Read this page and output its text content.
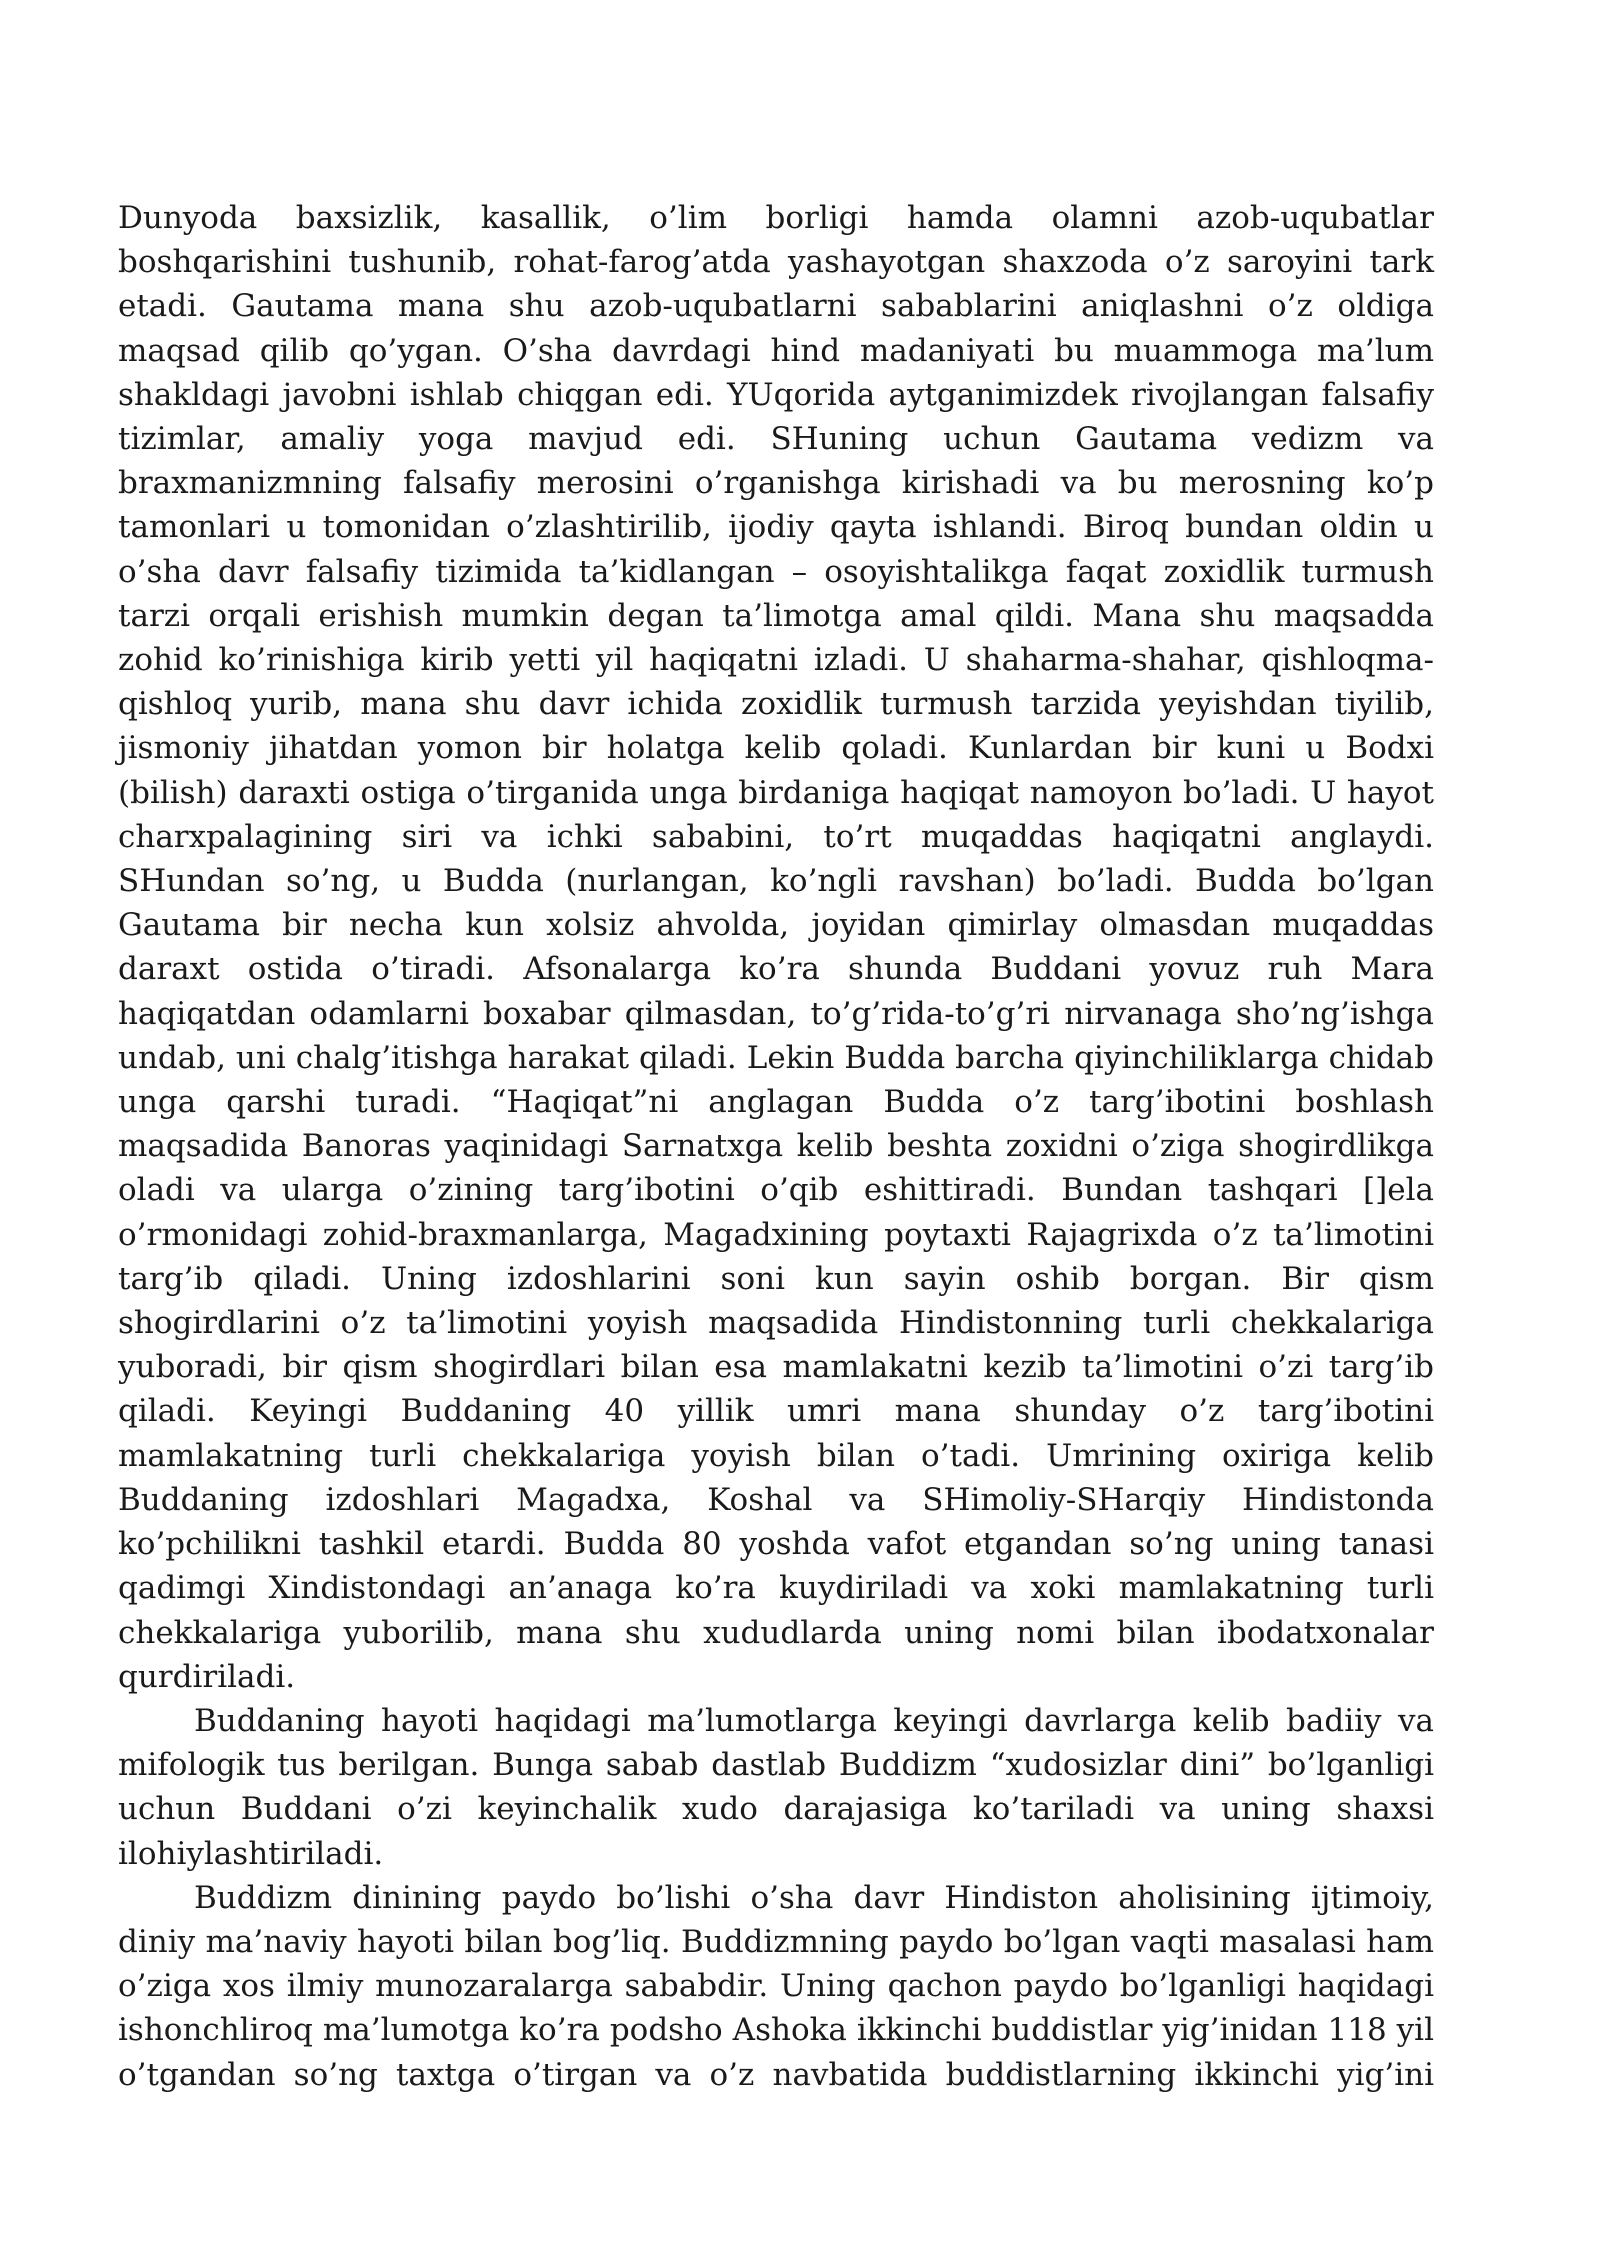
Dunyoda baxsizlik, kasallik, o’lim borligi hamda olamni azob-uqubatlar boshqarishini tushunib, rohat-farog’atda yashayotgan shaxzoda o’z saroyini tark etadi. Gautama mana shu azob-uqubatlarni sabablarini aniqlashni o’z oldiga maqsad qilib qo’ygan. O’sha davrdagi hind madaniyati bu muammoga ma’lum shakldagi javobni ishlab chiqgan edi. YUqorida aytganimizdek rivojlangan falsafiy tizimlar, amaliy yoga mavjud edi. SHuning uchun Gautama vedizm va braxmanizmning falsafiy merosini o’rganishga kirishadi va bu merosning ko’p tamonlari u tomonidan o’zlashtirilib, ijodiy qayta ishlandi. Biroq bundan oldin u o’sha davr falsafiy tizimida ta’kidlangan – osoyishtalikga faqat zoxidlik turmush tarzi orqali erishish mumkin degan ta’limotga amal qildi. Mana shu maqsadda zohid ko’rinishiga kirib yetti yil haqiqatni izladi. U shaharma-shahar, qishloqma-qishloq yurib, mana shu davr ichida zoxidlik turmush tarzida yeyishdan tiyilib, jismoniy jihatdan yomon bir holatga kelib qoladi. Kunlardan bir kuni u Bodxi (bilish) daraxti ostiga o’tirganida unga birdaniga haqiqat namoyon bo’ladi. U hayot charxpalagining siri va ichki sababini, to’rt muqaddas haqiqatni anglaydi. SHundan so’ng, u Budda (nurlangan, ko’ngli ravshan) bo’ladi. Budda bo’lgan Gautama bir necha kun xolsiz ahvolda, joyidan qimirlay olmasdan muqaddas daraxt ostida o’tiradi. Afsonalarga ko’ra shunda Buddani yovuz ruh Mara haqiqatdan odamlarni boxabar qilmasdan, to’g’rida-to’g’ri nirvanaga sho’ng’ishga undab, uni chalg’itishga harakat qiladi. Lekin Budda barcha qiyinchiliklarga chidab unga qarshi turadi. “Haqiqat”ni anglagan Budda o’z targ’ibotini boshlash maqsadida Banoras yaqinidagi Sarnatxga kelib beshta zoxidni o’ziga shogirdlikga oladi va ularga o’zining targ’ibotini o’qib eshittiradi. Bundan tashqari []ela o’rmonidagi zohid-braxmanlarga, Magadxining poytaxti Rajagrixda o’z ta’limotini targ’ib qiladi. Uning izdoshlarini soni kun sayin oshib borgan. Bir qism shogirdlarini o’z ta’limotini yoyish maqsadida Hindistonning turli chekkalariga yuboradi, bir qism shogirdlari bilan esa mamlakatni kezib ta’limotini o’zi targ’ib qiladi. Keyingi Buddaning 40 yillik umri mana shunday o’z targ’ibotini mamlakatning turli chekkalariga yoyish bilan o’tadi. Umrining oxiriga kelib Buddaning izdoshlari Magadxa, Koshal va SHimoliy-SHarqiy Hindistonda ko’pchilikni tashkil etardi. Budda 80 yoshda vafot etgandan so’ng uning tanasi qadimgi Xindistondagi an’anaga ko’ra kuydiriladi va xoki mamlakatning turli chekkalariga yuborilib, mana shu xududlarda uning nomi bilan ibodatxonalar qurdiriladi.

Buddaning hayoti haqidagi ma’lumotlarga keyingi davrlarga kelib badiiy va mifologik tus berilgan. Bunga sabab dastlab Buddizm “xudosizlar dini” bo’lganligi uchun Buddani o’zi keyinchalik xudo darajasiga ko’tariladi va uning shaxsi ilohiylashtiriladi.

Buddizm dinining paydo bo’lishi o’sha davr Hindiston aholisining ijtimoiy, diniy ma’naviy hayoti bilan bog’liq. Buddizmning paydo bo’lgan vaqti masalasi ham o’ziga xos ilmiy munozaralarga sababdir. Uning qachon paydo bo’lganligi haqidagi ishonchliroq ma’lumotga ko’ra podsho Ashoka ikkinchi buddistlar yig’inidan 118 yil o’tgandan so’ng taxtga o’tirgan va o’z navbatida buddistlarning ikkinchi yig’ini
